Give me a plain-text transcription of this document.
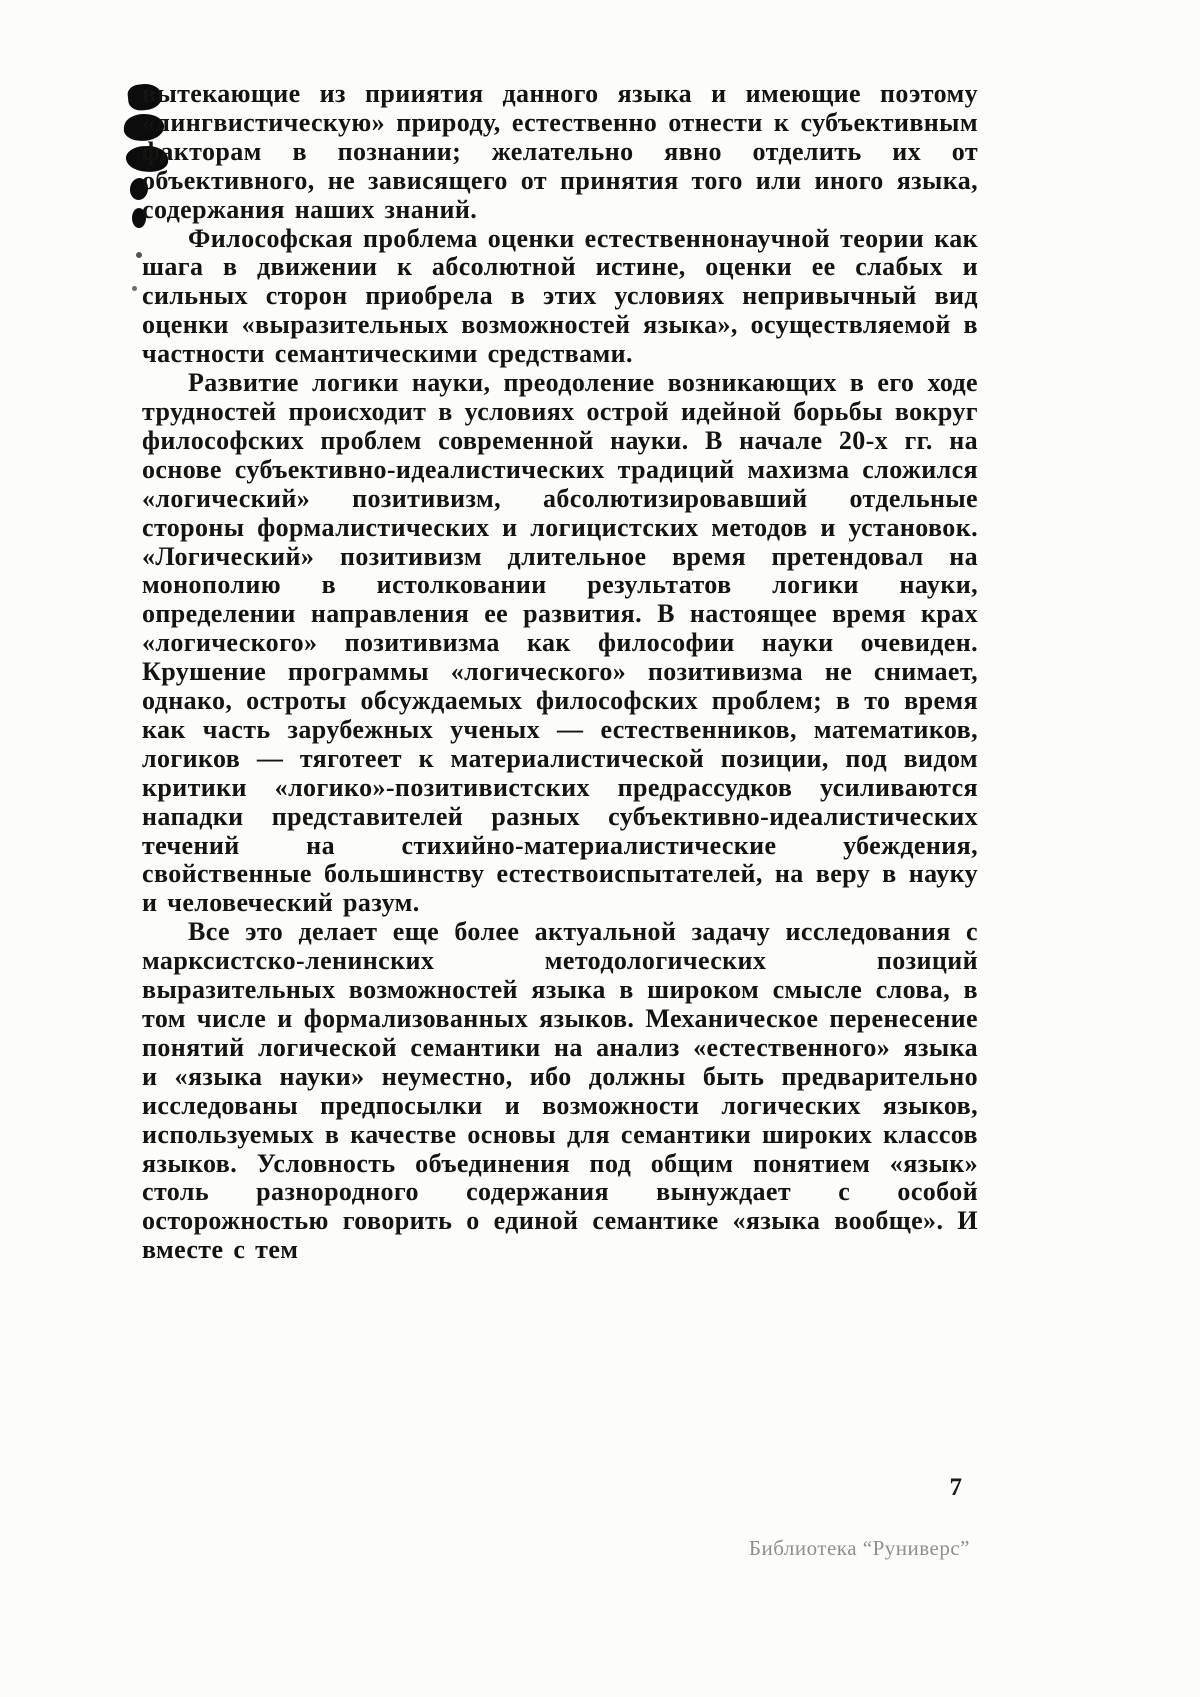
вытекающие из прииятия данного языка и имеющие поэтому «лингвистическую» природу, естественно отнести к субъективным факторам в познании; желательно явно отделить их от объективного, не зависящего от принятия того или иного языка, содержания наших знаний.

Философская проблема оценки естественнонаучной теории как шага в движении к абсолютной истине, оценки ее слабых и сильных сторон приобрела в этих условиях непривычный вид оценки «выразительных возможностей языка», осуществляемой в частности семантическими средствами.

Развитие логики науки, преодоление возникающих в его ходе трудностей происходит в условиях острой идейной борьбы вокруг философских проблем современной науки. В начале 20-х гг. на основе субъективно-идеалистических традиций махизма сложился «логический» позитивизм, абсолютизировавший отдельные стороны формалистических и логицистских методов и установок. «Логический» позитивизм длительное время претендовал на монополию в истолковании результатов логики науки, определении направления ее развития. В настоящее время крах «логического» позитивизма как философии науки очевиден. Крушение программы «логического» позитивизма не снимает, однако, остроты обсуждаемых философских проблем; в то время как часть зарубежных ученых — естественников, математиков, логиков — тяготеет к материалистической позиции, под видом критики «логико»-позитивистских предрассудков усиливаются нападки представителей разных субъективно-идеалистических течений на стихийно-материалистические убеждения, свойственные большинству естествоиспытателей, на веру в науку и человеческий разум.

Все это делает еще более актуальной задачу исследования с марксистско-ленинских методологических позиций выразительных возможностей языка в широком смысле слова, в том числе и формализованных языков. Механическое перенесение понятий логической семантики на анализ «естественного» языка и «языка науки» неуместно, ибо должны быть предварительно исследованы предпосылки и возможности логических языков, используемых в качестве основы для семантики широких классов языков. Условность объединения под общим понятием «язык» столь разнородного содержания вынуждает с особой осторожностью говорить о единой семантике «языка вообще». И вместе с тем

7
Библиотека “Руниверс”
